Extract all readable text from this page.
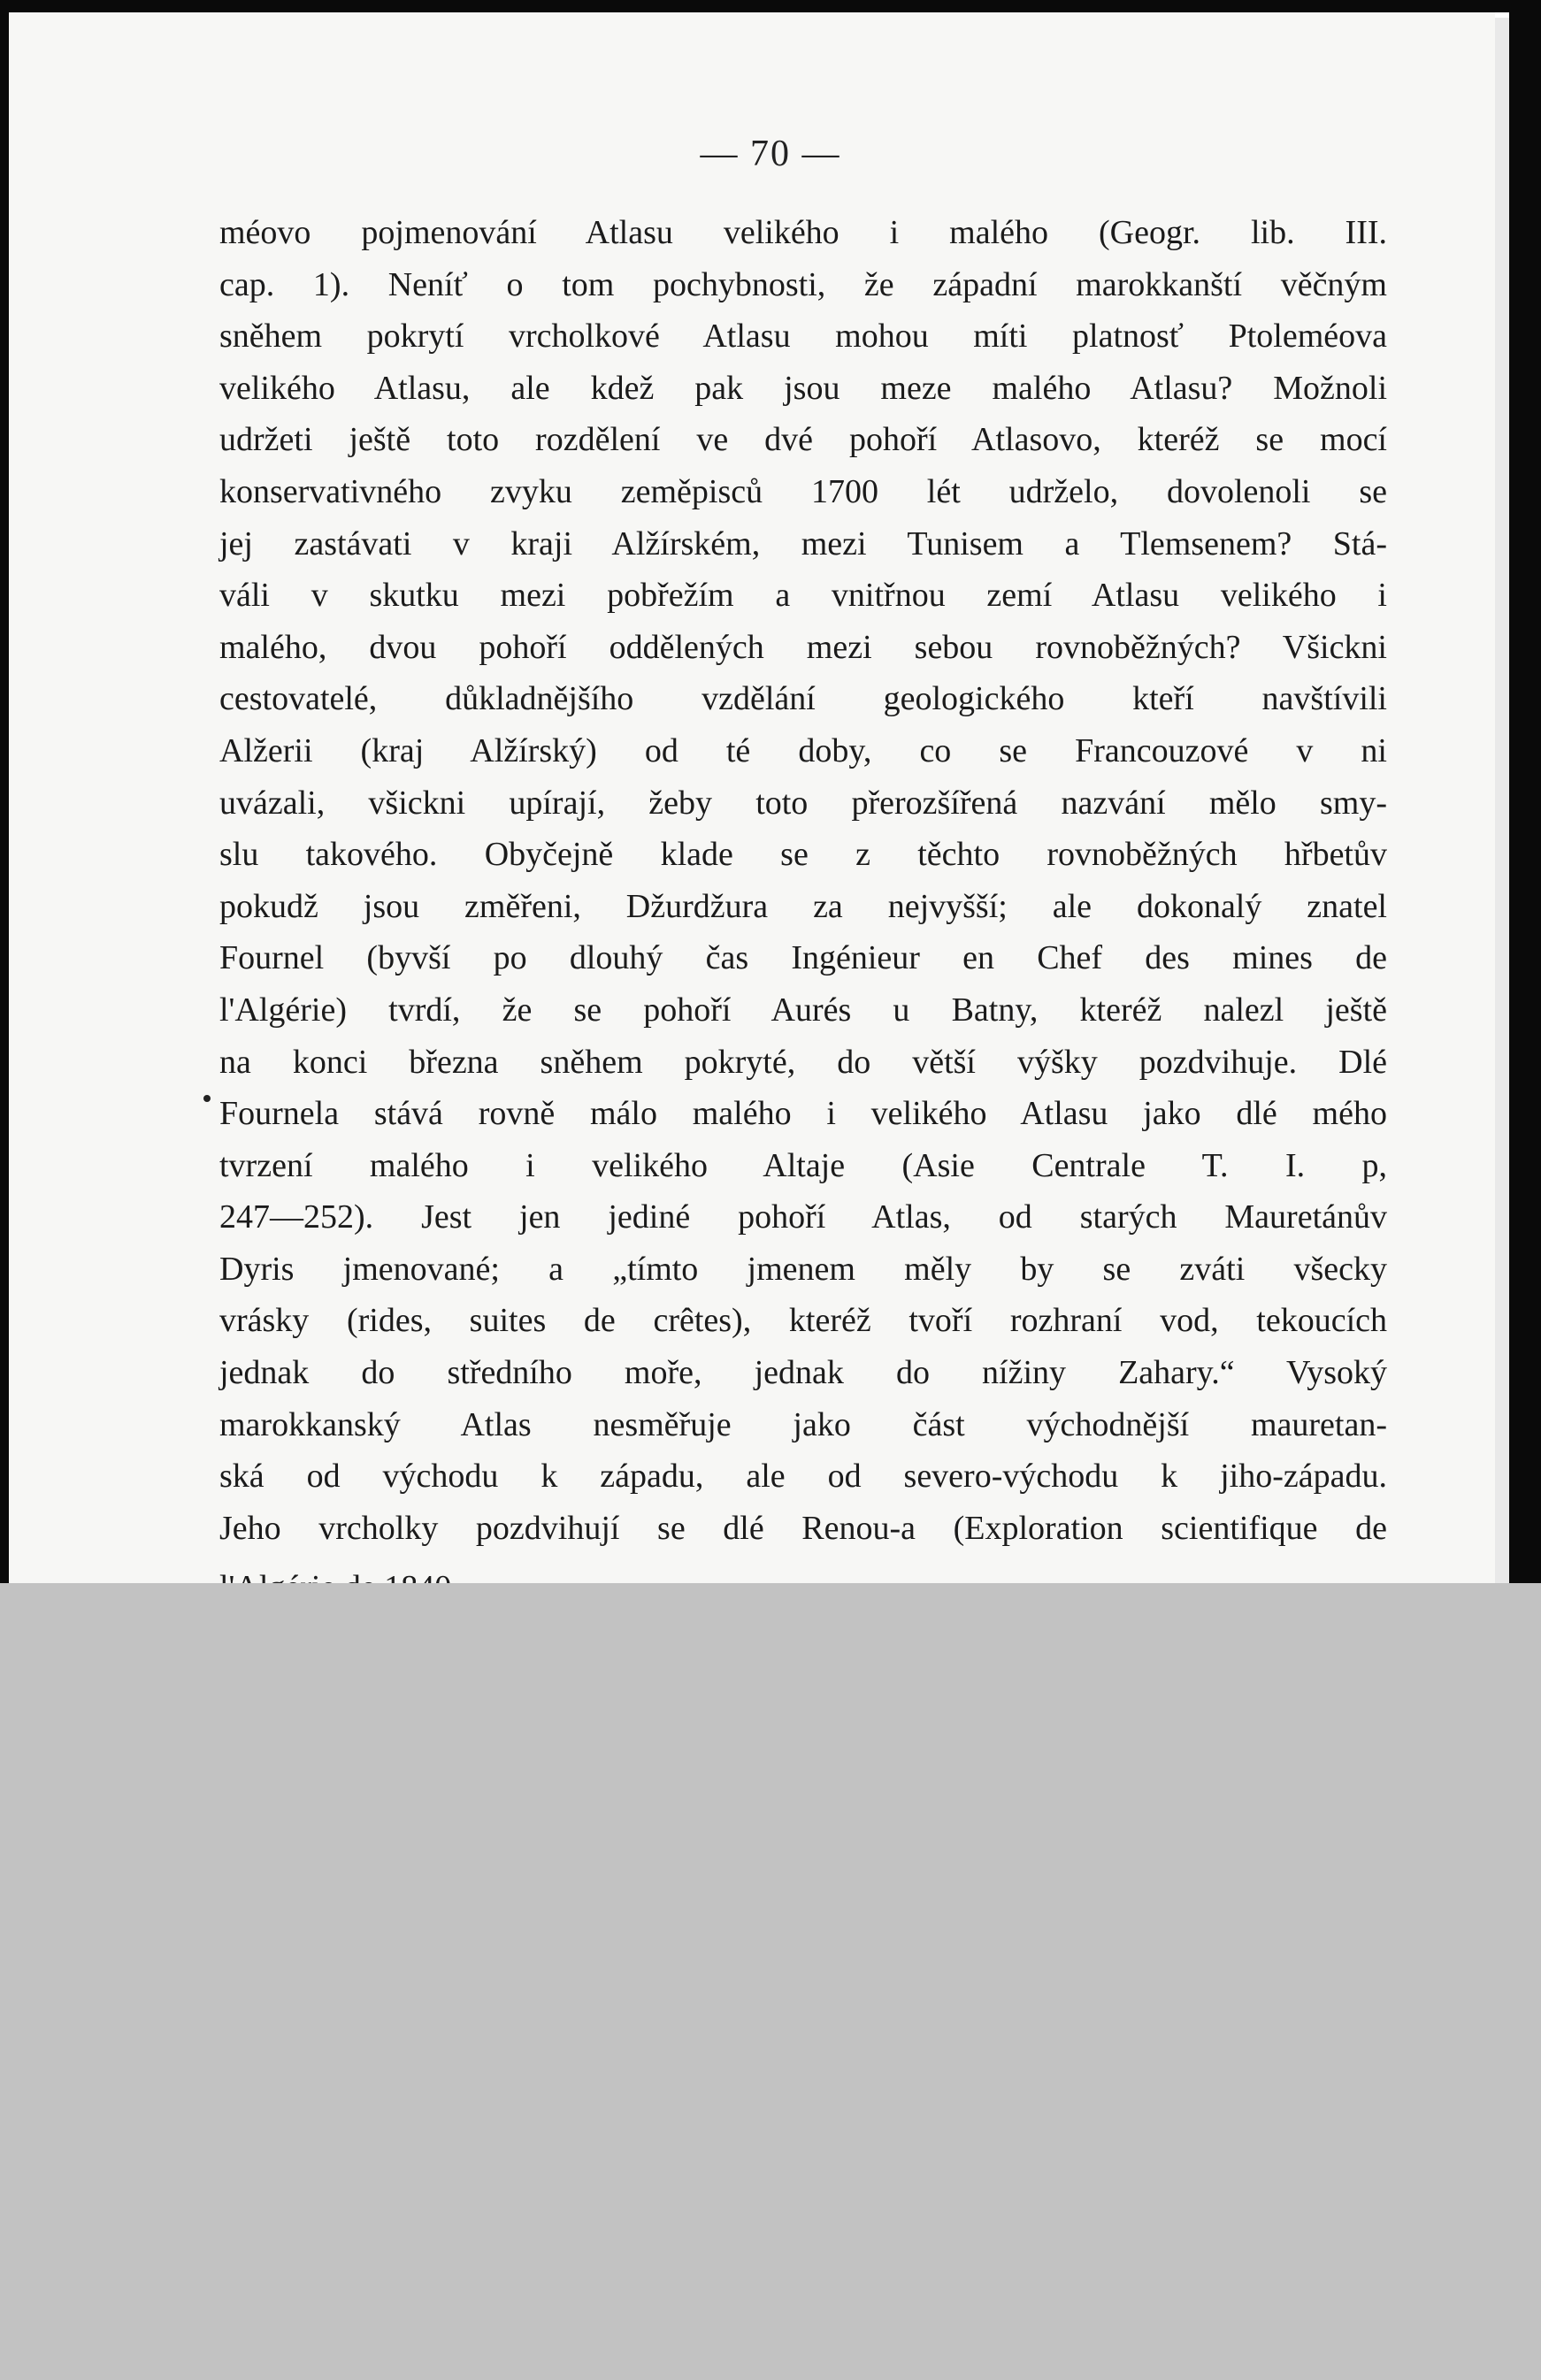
— 70 —
méovo pojmenování Atlasu velikého i malého (Geogr. lib. III.
cap. 1). Neníť o tom pochybnosti, že západní marokkanští věčným
sněhem pokrytí vrcholkové Atlasu mohou míti platnosť Ptoleméova
velikého Atlasu, ale kdež pak jsou meze malého Atlasu? Možnoli
udržeti ještě toto rozdělení ve dvé pohoří Atlasovo, kteréž se mocí
konservativného zvyku zeměpisců 1700 lét udrželo, dovolenoli se
jej zastávati v kraji Alžírském, mezi Tunisem a Tlemsenem? Stá-
váli v skutku mezi pobřežím a vnitřnou zemí Atlasu velikého i
malého, dvou pohoří oddělených mezi sebou rovnoběžných? Všickni
cestovatelé, důkladnějšího vzdělání geologického kteří navštívili
Alžerii (kraj Alžírský) od té doby, co se Francouzové v ni
uvázali, všickni upírají, žeby toto přerozšířená nazvání mělo smy-
slu takového. Obyčejně klade se z těchto rovnoběžných hřbetův
pokudž jsou změřeni, Džurdžura za nejvyšší; ale dokonalý znatel
Fournel (byvší po dlouhý čas Ingénieur en Chef des mines de
l'Algérie) tvrdí, že se pohoří Aurés u Batny, kteréž nalezl ještě
na konci března sněhem pokryté, do větší výšky pozdvihuje. Dlé
Fournela stává rovně málo malého i velikého Atlasu jako dlé mého
tvrzení malého i velikého Altaje (Asie Centrale T. I. p,
247—252). Jest jen jediné pohoří Atlas, od starých Mauretánův
Dyris jmenované; a „tímto jmenem měly by se zváti všecky
vrásky (rides, suites de crêtes), kteréž tvoří rozhraní vod, tekoucích
jednak do středního moře, jednak do nížiny Zahary.“ Vysoký
marokkanský Atlas nesměřuje jako část východnější mauretan-
ská od východu k západu, ale od severo-východu k jiho-západu.
Jeho vrcholky pozdvihují se dlé Renou-a (Exploration scientifique de
